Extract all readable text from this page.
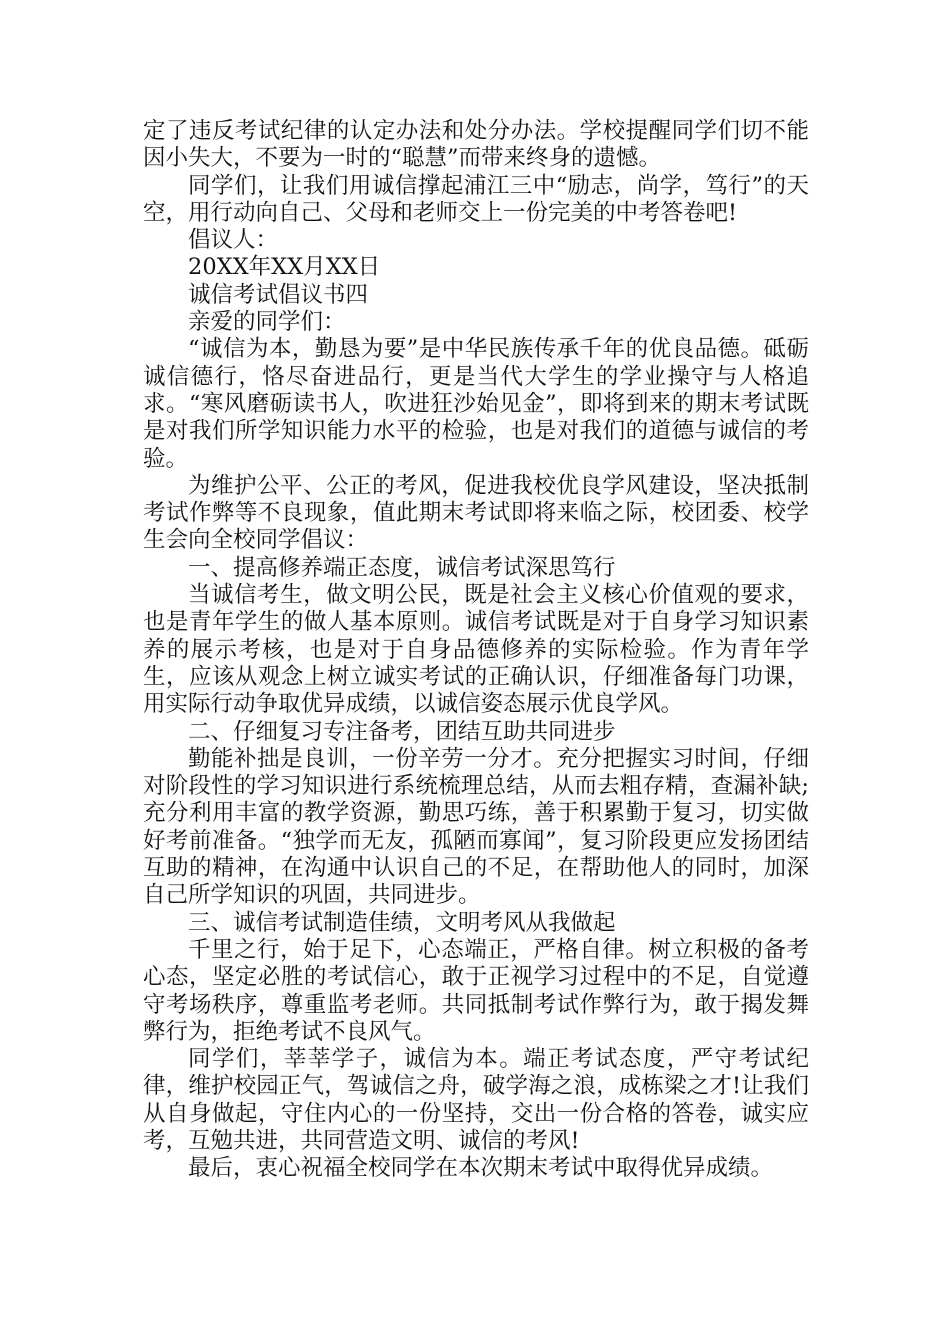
定了违反考试纪律的认定办法和处分办法。学校提醒同学们切不能因小失大，不要为一时的“聪慧”而带来终身的遗憾。

同学们，让我们用诚信撑起浦江三中“励志，尚学，笃行”的天空，用行动向自己、父母和老师交上一份完美的中考答卷吧!

倡议人：

20XX年XX月XX日

诚信考试倡议书四

亲爱的同学们：

“诚信为本，勤恳为要”是中华民族传承千年的优良品德。砥砺诚信德行，恪尽奋进品行，更是当代大学生的学业操守与人格追求。“寒风磨砺读书人，吹进狂沙始见金”，即将到来的期末考试既是对我们所学知识能力水平的检验，也是对我们的道德与诚信的考验。

为维护公平、公正的考风，促进我校优良学风建设，坚决抵制考试作弊等不良现象，值此期末考试即将来临之际，校团委、校学生会向全校同学倡议：

一、提高修养端正态度，诚信考试深思笃行

当诚信考生，做文明公民，既是社会主义核心价值观的要求，也是青年学生的做人基本原则。诚信考试既是对于自身学习知识素养的展示考核，也是对于自身品德修养的实际检验。作为青年学生，应该从观念上树立诚实考试的正确认识，仔细准备每门功课，用实际行动争取优异成绩，以诚信姿态展示优良学风。

二、仔细复习专注备考，团结互助共同进步

勤能补拙是良训，一份辛劳一分才。充分把握实习时间，仔细对阶段性的学习知识进行系统梳理总结，从而去粗存精，查漏补缺;充分利用丰富的教学资源，勤思巧练，善于积累勤于复习，切实做好考前准备。“独学而无友，孤陋而寡闻”，复习阶段更应发扬团结互助的精神，在沟通中认识自己的不足，在帮助他人的同时，加深自己所学知识的巩固，共同进步。

三、诚信考试制造佳绩，文明考风从我做起

千里之行，始于足下，心态端正，严格自律。树立积极的备考心态，坚定必胜的考试信心，敢于正视学习过程中的不足，自觉遵守考场秩序，尊重监考老师。共同抵制考试作弊行为，敢于揭发舞弊行为，拒绝考试不良风气。

同学们，莘莘学子，诚信为本。端正考试态度，严守考试纪律，维护校园正气，驾诚信之舟，破学海之浪，成栋梁之才!让我们从自身做起，守住内心的一份坚持，交出一份合格的答卷，诚实应考，互勉共进，共同营造文明、诚信的考风!

最后，衷心祝福全校同学在本次期末考试中取得优异成绩。
